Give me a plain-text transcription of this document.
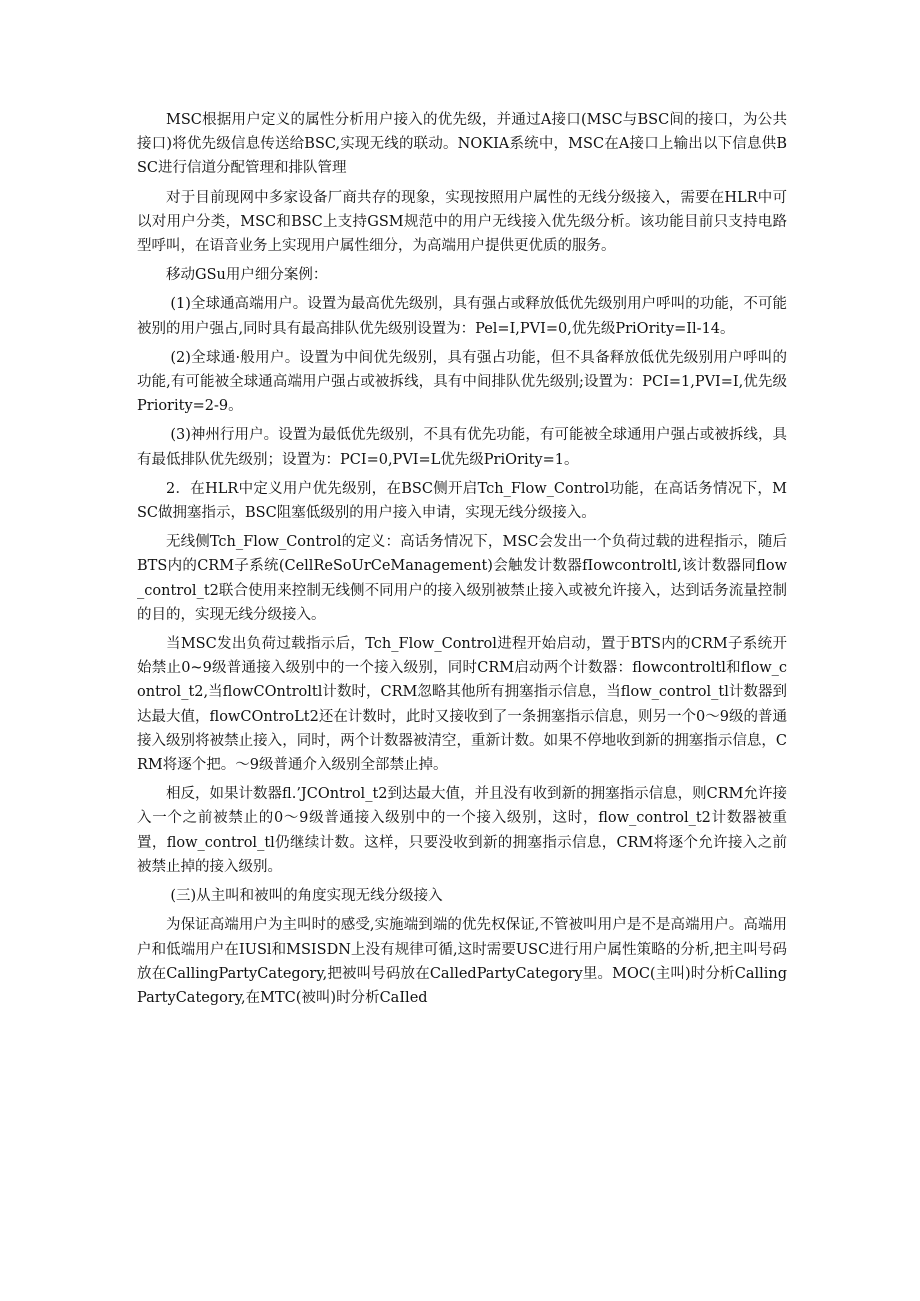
MSC根据用户定义的属性分析用户接入的优先级，并通过A接口(MSC与BSC间的接口，为公共接口)将优先级信息传送给BSC,实现无线的联动。NOKIA系统中，MSC在A接口上输出以下信息供BSC进行信道分配管理和排队管理

对于目前现网中多家设备厂商共存的现象，实现按照用户属性的无线分级接入，需要在HLR中可以对用户分类，MSC和BSC上支持GSM规范中的用户无线接入优先级分析。该功能目前只支持电路型呼叫，在语音业务上实现用户属性细分，为高端用户提供更优质的服务。

移动GSu用户细分案例：

(1)全球通高端用户。设置为最高优先级别，具有强占或释放低优先级别用户呼叫的功能，不可能被别的用户强占,同时具有最高排队优先级别设置为：Pel=I,PVI=0,优先级PriOrity=Il-14。

(2)全球通·般用户。设置为中间优先级别，具有强占功能，但不具备释放低优先级别用户呼叫的功能,有可能被全球通高端用户强占或被拆线，具有中间排队优先级别;设置为：PCI=1,PVI=I,优先级Priority=2-9。

(3)神州行用户。设置为最低优先级别，不具有优先功能，有可能被全球通用户强占或被拆线，具有最低排队优先级别；设置为：PCI=0,PVI=L优先级PriOrity=1。

2．在HLR中定义用户优先级别，在BSC侧开启Tch_Flow_Control功能，在高话务情况下，MSC做拥塞指示，BSC阻塞低级别的用户接入申请，实现无线分级接入。

无线侧Tch_Flow_Control的定义：高话务情况下，MSC会发出一个负荷过载的进程指示，随后BTS内的CRM子系统(CellReSoUrCeManagement)会触发计数器fIowcontroltl,该计数器同flow_control_t2联合使用来控制无线侧不同用户的接入级别被禁止接入或被允许接入，达到话务流量控制的目的，实现无线分级接入。

当MSC发出负荷过载指示后，Tch_Flow_Control进程开始启动，置于BTS内的CRM子系统开始禁止0~9级普通接入级别中的一个接入级别，同时CRM启动两个计数器：flowcontroltl和flow_control_t2,当flowCOntroltl计数时，CRM忽略其他所有拥塞指示信息，当flow_control_tl计数器到达最大值，flowCOntroLt2还在计数时，此时又接收到了一条拥塞指示信息，则另一个0～9级的普通接入级别将被禁止接入，同时，两个计数器被清空，重新计数。如果不停地收到新的拥塞指示信息，CRM将逐个把。～9级普通介入级别全部禁止掉。

相反，如果计数器fl.’JCOntrol_t2到达最大值，并且没有收到新的拥塞指示信息，则CRM允许接入一个之前被禁止的0～9级普通接入级别中的一个接入级别，这时，flow_control_t2计数器被重置，flow_control_tl仍继续计数。这样，只要没收到新的拥塞指示信息，CRM将逐个允许接入之前被禁止掉的接入级别。

(三)从主叫和被叫的角度实现无线分级接入

为保证高端用户为主叫时的感受,实施端到端的优先权保证,不管被叫用户是不是高端用户。高端用户和低端用户在IUSl和MSISDN上没有规律可循,这时需要USC进行用户属性策略的分析,把主叫号码放在CallingPartyCategory,把被叫号码放在CalledPartyCategory里。MOC(主叫)时分析CallingPartyCategory,在MTC(被叫)时分析CaIled
